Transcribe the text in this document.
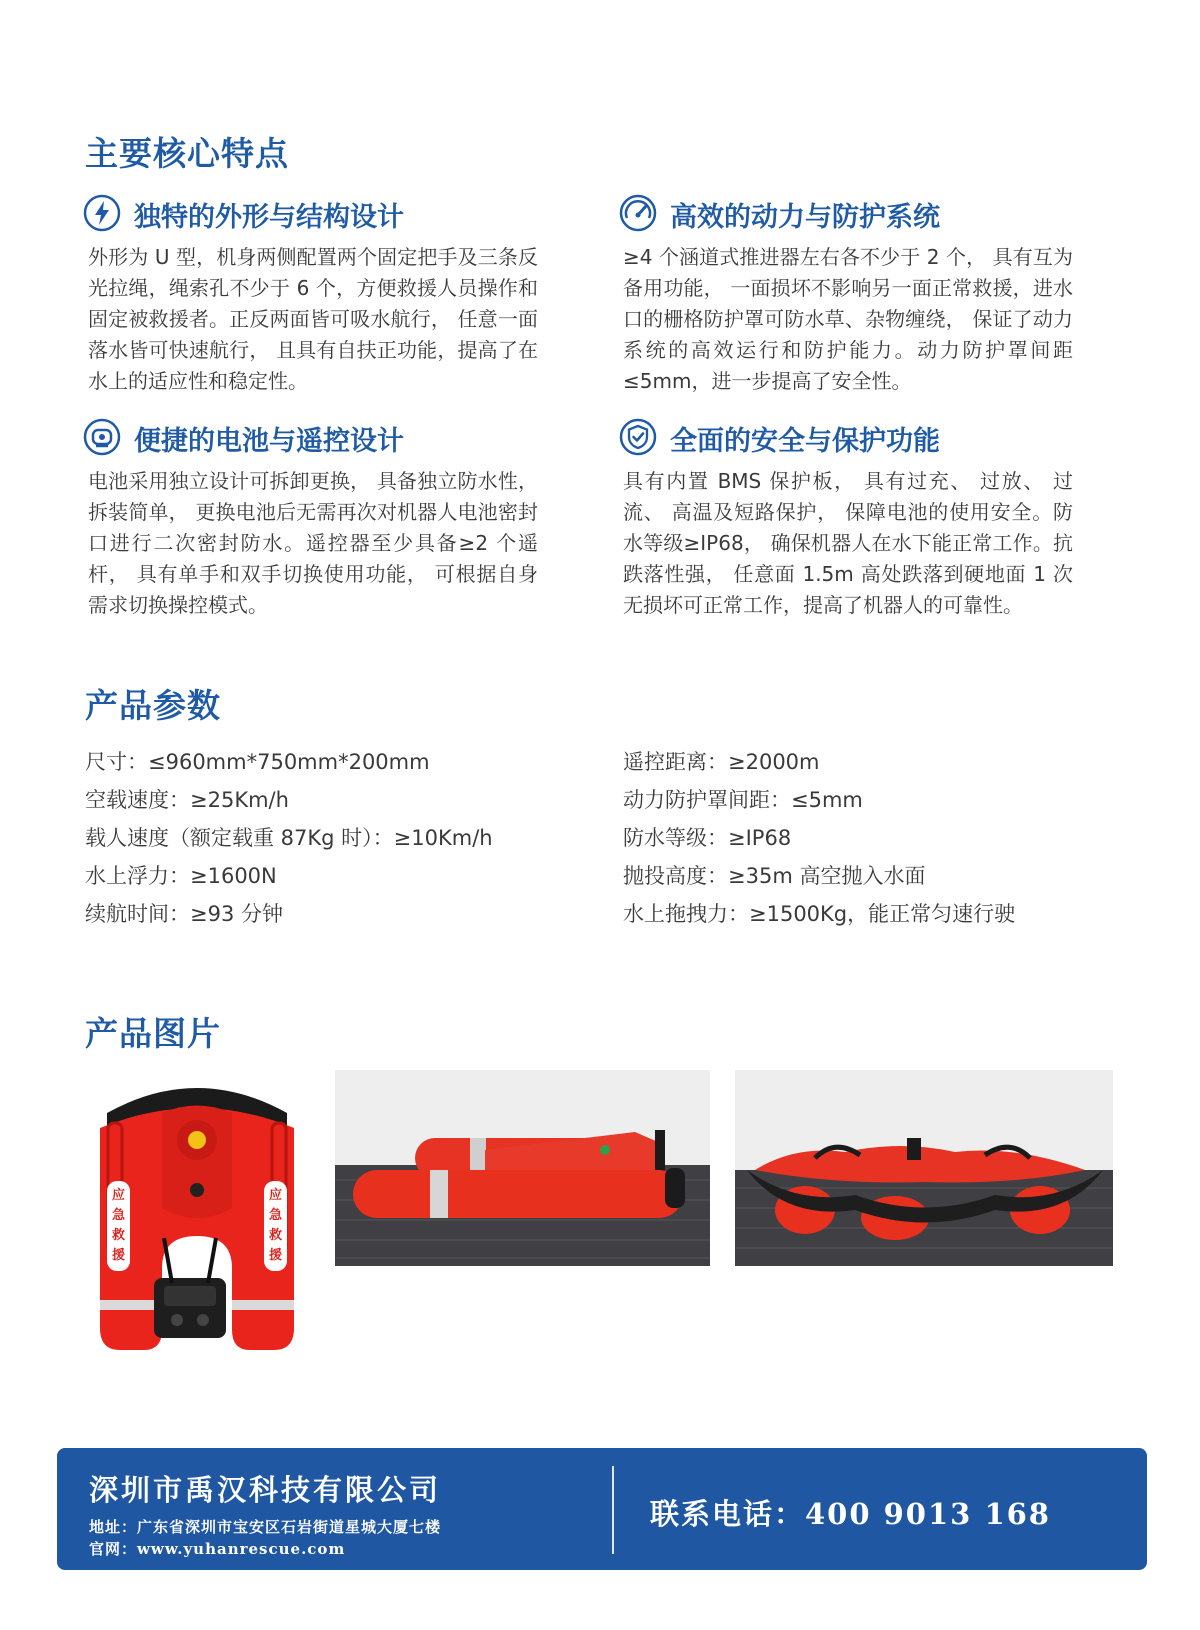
主要核心特点
独特的外形与结构设计
外形为 U 型，机身两侧配置两个固定把手及三条反光拉绳，绳索孔不少于 6 个，方便救援人员操作和固定被救援者。正反两面皆可吸水航行， 任意一面落水皆可快速航行， 且具有自扶正功能，提高了在水上的适应性和稳定性。
高效的动力与防护系统
≥4 个涵道式推进器左右各不少于 2 个， 具有互为备用功能， 一面损坏不影响另一面正常救援，进水口的栅格防护罩可防水草、杂物缠绕， 保证了动力系统的高效运行和防护能力。动力防护罩间距≤5mm，进一步提高了安全性。
便捷的电池与遥控设计
电池采用独立设计可拆卸更换， 具备独立防水性， 拆装简单， 更换电池后无需再次对机器人电池密封口进行二次密封防水。遥控器至少具备≥2 个遥杆， 具有单手和双手切换使用功能， 可根据自身需求切换操控模式。
全面的安全与保护功能
具有内置 BMS 保护板， 具有过充、 过放、 过流、 高温及短路保护， 保障电池的使用安全。防水等级≥IP68， 确保机器人在水下能正常工作。抗跌落性强， 任意面 1.5m 高处跌落到硬地面 1 次无损坏可正常工作，提高了机器人的可靠性。
产品参数
尺寸：≤960mm*750mm*200mm
空载速度：≥25Km/h
载人速度（额定载重 87Kg 时）：≥10Km/h
水上浮力：≥1600N
续航时间：≥93 分钟
遥控距离：≥2000m
动力防护罩间距：≤5mm
防水等级：≥IP68
抛投高度：≥35m 高空抛入水面
水上拖拽力：≥1500Kg，能正常匀速行驶
产品图片
应急救援
应急救援
深圳市禹汉科技有限公司
地址：广东省深圳市宝安区石岩街道星城大厦七楼
官网：www.yuhanrescue.com
联系电话：400 9013 168
